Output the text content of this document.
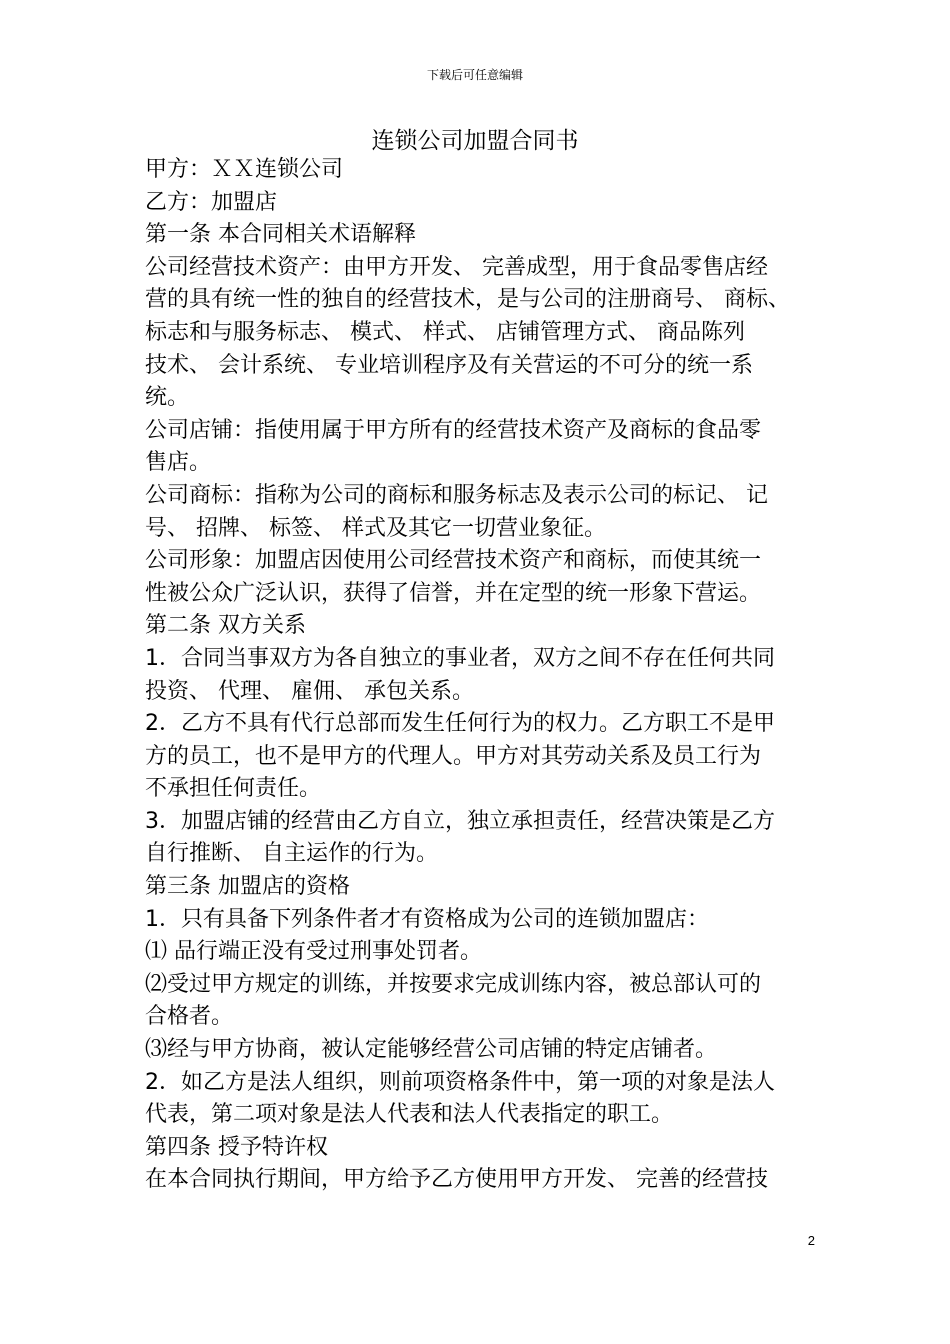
下载后可任意编辑
连锁公司加盟合同书
甲方：ＸＸ连锁公司
乙方：加盟店
第一条 本合同相关术语解释
公司经营技术资产：由甲方开发、 完善成型，用于食品零售店经
营的具有统一性的独自的经营技术，是与公司的注册商号、 商标、
标志和与服务标志、 模式、 样式、 店铺管理方式、 商品陈列
技术、 会计系统、 专业培训程序及有关营运的不可分的统一系
统。
公司店铺：指使用属于甲方所有的经营技术资产及商标的食品零
售店。
公司商标：指称为公司的商标和服务标志及表示公司的标记、 记
号、 招牌、 标签、 样式及其它一切营业象征。
公司形象：加盟店因使用公司经营技术资产和商标，而使其统一
性被公众广泛认识，获得了信誉，并在定型的统一形象下营运。
第二条 双方关系
1．合同当事双方为各自独立的事业者，双方之间不存在任何共同
投资、 代理、 雇佣、 承包关系。
2．乙方不具有代行总部而发生任何行为的权力。乙方职工不是甲
方的员工，也不是甲方的代理人。甲方对其劳动关系及员工行为
不承担任何责任。
3．加盟店铺的经营由乙方自立，独立承担责任，经营决策是乙方
自行推断、 自主运作的行为。
第三条 加盟店的资格
1．只有具备下列条件者才有资格成为公司的连锁加盟店：
⑴ 品行端正没有受过刑事处罚者。
⑵受过甲方规定的训练，并按要求完成训练内容，被总部认可的
合格者。
⑶经与甲方协商，被认定能够经营公司店铺的特定店铺者。
2．如乙方是法人组织，则前项资格条件中，第一项的对象是法人
代表，第二项对象是法人代表和法人代表指定的职工。
第四条 授予特许权
在本合同执行期间，甲方给予乙方使用甲方开发、 完善的经营技
2
